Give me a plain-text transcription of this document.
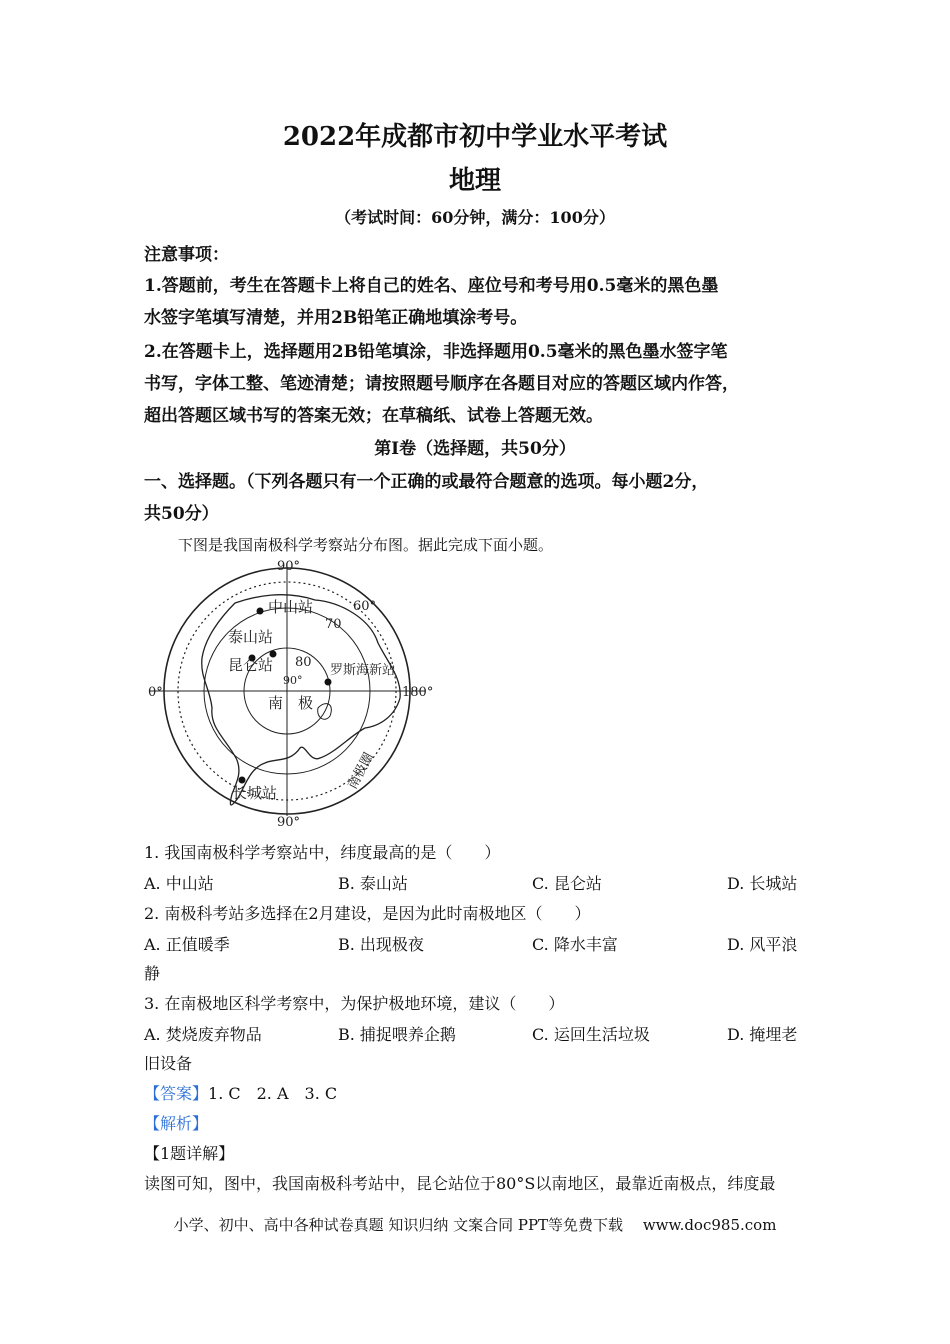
2022年成都市初中学业水平考试
地理
（考试时间：60分钟，满分：100分）
注意事项：
1.答题前，考生在答题卡上将自己的姓名、座位号和考号用0.5毫米的黑色墨
水签字笔填写清楚，并用2B铅笔正确地填涂考号。
2.在答题卡上，选择题用2B铅笔填涂，非选择题用0.5毫米的黑色墨水签字笔
书写，字体工整、笔迹清楚；请按照题号顺序在各题目对应的答题区域内作答，
超出答题区域书写的答案无效；在草稿纸、试卷上答题无效。
第Ⅰ卷（选择题，共50分）
一、选择题。（下列各题只有一个正确的或最符合题意的选项。每小题2分，
共50分）
下图是我国南极科学考察站分布图。据此完成下面小题。
90°
90°
0°	180°
60°
70
80
90°
南　极
中山站
泰山站
昆仑站	罗斯海新站
长城站
南极圈
1. 我国南极科学考察站中，纬度最高的是（　　）
A. 中山站	B. 泰山站	C. 昆仑站	D. 长城站
2. 南极科考站多选择在2月建设，是因为此时南极地区（　　）
A. 正值暖季	B. 出现极夜	C. 降水丰富	D. 风平浪
静
3. 在南极地区科学考察中，为保护极地环境，建议（　　）
A. 焚烧废弃物品	B. 捕捉喂养企鹅	C. 运回生活垃圾	D. 掩埋老
旧设备
【答案】1. C　2. A　3. C
【解析】
【1题详解】
读图可知，图中，我国南极科考站中，昆仑站位于80°S以南地区，最靠近南极点，纬度最
小学、初中、高中各种试卷真题 知识归纳 文案合同 PPT等免费下载　 www.doc985.com
